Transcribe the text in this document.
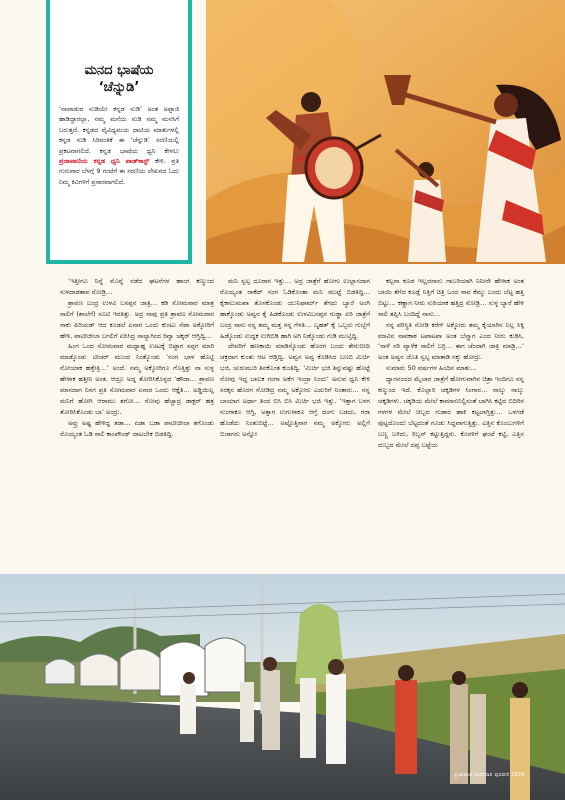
ಮನದ ಭಾಷೆಯ
‘ಚೆನ್ನುಡಿ’
‘ನಾವಾಡುವ ನುಡಿಯೇ ಕನ್ನಡ ನುಡಿ’ ಅಂತ ಅಪ್ಪಾಜಿ ಹಾಡಿದ್ದಾರಲ್ಲಾ, ನಮ್ಮ ಮನೆಯ ನುಡಿ ನಮ್ಮ ಮನಸಿಗೆ ಬರುತ್ತದೆ. ಕನ್ನಡದ ವೈವಿಧ್ಯಮಯ ಧಾಟಿಯ ಮಾತುಗಳಲ್ಲಿ ಕನ್ನಡ ನುಡಿ ಸಿರಿವಂತಿಕೆ ಈ ‘ಚೆನ್ನುಡಿ’ ಸರಣಿಯಲ್ಲಿ ಪ್ರಕಟವಾಗಲಿದೆ. ಕನ್ನಡ ಭಾಷೆಯ ಧ್ವನಿ ಕೇಳಲು ಪ್ರಜಾವಾಣಿಯ ಕನ್ನಡ ಧ್ವನಿ ಪಾಡ್‌ಕಾಸ್ಟ್ ಕೇಳಿ. ಪ್ರತಿ ಗುರುವಾರ ಬೆಳಗ್ಗೆ 9 ಗಂಟೆಗೆ ಈ ಸರಣಿಯ ಲೇಖನದ ಓದು ನಿಮ್ಮ ಕಿವಿಗಳಿಗೆ ಪ್ರಸಾರವಾಗಲಿದೆ.

‘ಇತ್ತೀಗೂ ನಿನ್ನೆ ಮೊನ್ನೆ ನಡೆದ ಘಟನೆಗಳ ಹಾಂಗ ಕಣ್ಮುಂದ ಸುಳದಾಡತಾವ ನೋಡ್ರಿ…

ಶ್ರಾವಣ ಬಂದ್ರ ಉಳವಿ ಬಸಪ್ಪನ ಜಾತ್ರಿ… ಕಡಿ ಸೋಮವಾರ ಮಾತ್ರ ಸಾಲಿಗೆ (ಶಾಲೆಗೆ) ಸೂಟಿ ಇರತಿತ್ತು. ಅದ್ರ ನಾವು ಪ್ರತಿ ಶ್ರಾವಣ ಸೋಮವಾರ ನಾಕು ಪಿರಿಯಡ್ ಆದ ಕೂಡಲೆ ಏನಾರ ಒಂದು ಕುಂಟು ನೆಪಾ ಅಕ್ಕೋರಿಗೆ ಹೇಳಿ, ಪಾಟೀಚೀಲಾ ಬಗಲಿಗೆ ಏರಿಸಿದ್ರ ಸಾಲ್ಯಾಗಿಂದ ರಿವ್ವಾ ಚಕ್ಕರ್ ಆಗ್ತಿದ್ವಿ…

ಹಿಂಗ ಒಂದ ಸೋಮವಾರ ಮಧ್ಯಾಹ್ನ ಊಟಕ್ಕೆ ಬಿಟ್ಟಾಗ ಸಪ್ಪಗ ಮಾರಿ ಮಾಡ್ಕೊಂಡು ಟೀಚರ್ ಮುಂದ ನಿಂತ್ಕೊಂಡು ‘ನಂಗ ಭಾಳ ಹೊಟ್ಟಿ ನೋಯಾಕ ಹತ್ತೇತ್ರಿ…’ ಅಂದೆ. ನಮ್ಮ ಅಕ್ಕೋರಿಗೂ ಗೊತ್ತಿತ್ತು ನಾ ಸುಳ್ಳ ಹೇಳಾಕ ಹತ್ತೀನಿ ಅಂತ. ಆದ್ರೂ ಅದ್ನ ತೋರಿಸಿಕೊಳ್ಳದ ‘ಹೌದಾ… ಶ್ರಾವಣ ಮಾಸದಾಗ ನಿನಗ ಪ್ರತಿ ಸೋಮವಾರ ಏನಾರ ಒಂದು ಆಕ್ತೈತಿ… ಅಡ್ಡಿಯಿಲ್ಲ ಮನಿಗೆ ಹೋಗಿ ಆರಾಮು ತಗೋ… ನೋವು ಹೆಚ್ಚಾದ್ರ ಡಾಕ್ಟರ್ ಹತ್ರ ತೋರಿಸಿಕೊಂಡು ಬಾ’ ಅಂದ್ರು.

ಅವ್ರು ಅಷ್ಟ ಹೇಳಿದ್ದ ತಡಾ… ಏಡಾ ಬಡಾ ಪಾಟೀಚೀಲಾ ತಗೊಂಡು ರೊಯ್ಯಂತ ಓಡಿ ಸಾಲಿ ಕಾಂಪೌಂಡ್ ದಾಟಬೇಕ ಬಿಡತಿದ್ದಿ.

ಮನಿ ಸ್ವಲ್ಪ ದೂರಾನ ಇತ್ತು… ಅದ್ರ ಜಾತ್ರೆಗೆ ಹೋಗು ಉಲ್ಲಾಸದಾಗ ರೊಯ್ಯಂತ ರಾಕೆಟ್ ನಂಗ ಓಡಿಕೊಂತಾ ಮನಿ ಮುಟ್ಟೆ ಬಿಡತಿದ್ದಿ… ಕೈಕಾಲುಮಖಾ ತೊಳಕೊಂಡು ಯುನಿಫಾರ್ಮ್ ತೆಗದು ಬ್ಯಾರೆ ಅಂಗಿ ಹಾಕ್ಕೊಂಡು ಅವ್ವನ ಕೈ ಹಿಡಕೊಂಡು ಉಳವಿಬಸಪ್ಪನ ಗುಡ್ಡಾ ಏರಿ ಜಾತ್ರೆಗೆ ಬಂದ್ರ ನಾನು ನನ್ನ ತಮ್ಮ ಮತ್ತ ನನ್ನ ಗೆಳತಿ… ಬೃಹತ್ ಕೈ ಒಬ್ಬರು ಗುಬ್ಬೆಗೆ ಹಿಡ್ಕೊಂಡು ಉದ್ದಕ ಉಗಿಬಿಡಿ ಹಾಗಿ ಅಗಿ ನಿಡ್ಕೊಂಡು ಗುಡಿ ಮುಟ್ತಿದ್ದಿ.

ದೇವರಿಗೆ ಹಣಕಾಯಿ ಮಾಡಿಸ್ಕೊಂಡು ಹೊರಗ ಬಂದು ತೇರುಬೀದಿ ಚಕ್ರದಾಗ ಕುಂತು ಆಟ ಆಡ್ತಿದ್ವಿ. ಅವ್ವನ ಅವ್ವ ಕೊಡಿಸಿದ ಬಣಬಿ ಮಿರ್ಚಿ ಭಜಿ, ಚುರುಮುರಿ ತಿನಕೊಂತ ಕುಂತಿದ್ವಿ. ‘ಮಿರ್ಚಿ ಭಜಿ ತಿನ್ನುವಷ್ಟು ಹೊಟ್ಟೆ ನೋವು ಇದ್ದ ಬಾಲಕ ಗಂಗಾ ಅಕೆಗ ಇಂದ್ರಾ ನಿಂದು’ ಅನುವ ಧ್ವನಿ ಕೇಳಿ ಸರಕ್ಕನ ಹೊರಗ ನೋಡಿದ್ರ ನಮ್ಮ ಅಕ್ಕೋರು ಎದುರಿಗೆ ನಿಂತಾರು… ನನ್ನ ಬಾಯಾಗ ಅರ್ಧಾ ತಿಂದ ಬಿಸಿ ಬಿಸಿ ಮಿರ್ಚಿ ಭಜಿ ಇತ್ತು. ‘ಇತ್ತಾಗ ಬಳಗ ನುಂಗಾಕೂ ಆಗ್ತಿ, ಅತ್ತಾಗ ಉಗುಳಾಕೂ ಆಗ್ತೆ ದಂಗು ಬಡದು, ಗರಾ ಹೊಡೆದು ನಿಂತುಬಿಟ್ಟೆ… ಅಷ್ಟೊತ್ತಿನಾಗ ನಮ್ಮ ಅಕ್ಕೋರು ಅಲ್ಲಿಗೆ ಬಿಜಾಗರು ಅನ್ನೋ

ಕಲ್ಪನಾ ಕೂಡ ಇಲ್ಲದನಾನು ಗಾಬರಿಯಾಗಿ ನಿನೀನೇ ಹೇಳಾಕ ಅಂತ ಬಾಯಿ ತೆಗೆದ ಕೂಡ್ಲೆ ನಿತ್ತಿಗೆ ಚಿತ್ರಿ ಒಂದ ಸಾವ ಕೆಮ್ಮು ಬಂದು ಬೆಟ್ಟ ಹತ್ತಿ ಬಿಟ್ಟು… ಕಣ್ಣಾಗ ನೀರು ಸುರಿಯಾಕ ಹತ್ತಿದ್ರ ನೋಡ್ರಿ… ಸುಳ್ಳ ಬ್ಯಾರೆ ಹೇಳಿ ಸಾಲಿ ತಪ್ಪಿಸಿ ಬಂದಿದ್ದೆ ನಾನು…

ನನ್ನ ಪರಿಸ್ಥಿತಿ ನೋಡಿ ಕರೆಗ್ ಅಕ್ಕೋರು ತಮ್ಮ ಕೈಯಾಗಿನ ನಿಲ್ಲ ಸಿಕ್ಕಿ ಮಾವಿನ ಸಾವಕಾಶ ಟಪಾಟಪಾ ಅಂತ ಬೆಸ್ತ್ಯಾಗ ಎಂದ ನೀರು ಕುಡಿಸಿ, ‘ನಾಳೆ ಸರಿ ವ್ಯಾಳೆಕ ಸಾಲಿಗೆ ಬರ್ರಿ… ಈಗ ಚೆಂದಾಗಿ ಜಾತ್ರಿ ಮಾಡ್ರಿ…’ ಅಂತ ಅವ್ವನ ಜೊತಿ ಸ್ವಲ್ಪ ಮಾತಾಡಿ ನಕ್ಕು ಹೋದ್ರು.

ಸುಮಾರು 50 ವರ್ಷಗಳ ಹಿಂದಿನ ಮಾತು…

ಧ್ಯಾಗನಂದದ ಮೈಲಾರ ಜಾತ್ರೆಗೆ ಹೋಗುವಾಗಿನ ಚಿತ್ರಾ ಇಂದಿಗೂ ನನ್ನ ಕಣ್ಮುಂದ ಇದೆ. ಕೊಲ್ಲಾರಿ ಚಕ್ಕಡಿಗಳ ಸಿಂಗಾರ… ನಾಲ್ಕು ನಾಲ್ಕು ಚಕ್ಕಡಿಗಳು. ಚಕ್ಕಡಿಯ ಮೇಲೆ ಕಾಮಾನಬಿಲ್ಲಿನಂತೆ ಬಾಗಿಸಿ ಕಟ್ಟಿದ ಬಿದಿರಿನ ಗಳಗಳ ಮೇಲೆ ಚಿಬ್ಬದ ಗುಡಾರ ಹಾಕಿ ಕಟ್ಟಲಾಗ್ತಿತ್ತು… ಒಳಗಡೆ ಪುಟ್ಟದೊಂದು ಬೆಟ್ಟದಂತೆ ಗೂಡು ಸಿದ್ದವಾಗುತ್ತಿತ್ತು. ಎತ್ತಿನ ಕೊಂಬುಗಳಿಗೆ ಬಣ್ಣ ಬಳಿದು, ರಿಬ್ಬನ್ ಕಟ್ಟುತ್ತಿದ್ದರು. ಕೊರಳಿಗೆ ಘಂಟೆ ಕಟ್ಟಿ, ಎತ್ತಿನ ದುಬ್ಬದ ಮೇಲೆ ದಪ್ಪ ಬಟ್ಟೆಯ

ಪ್ರಜಾವಾಣಿ ಭಾನುವಾರ ಪುರವಣಿ 2026
